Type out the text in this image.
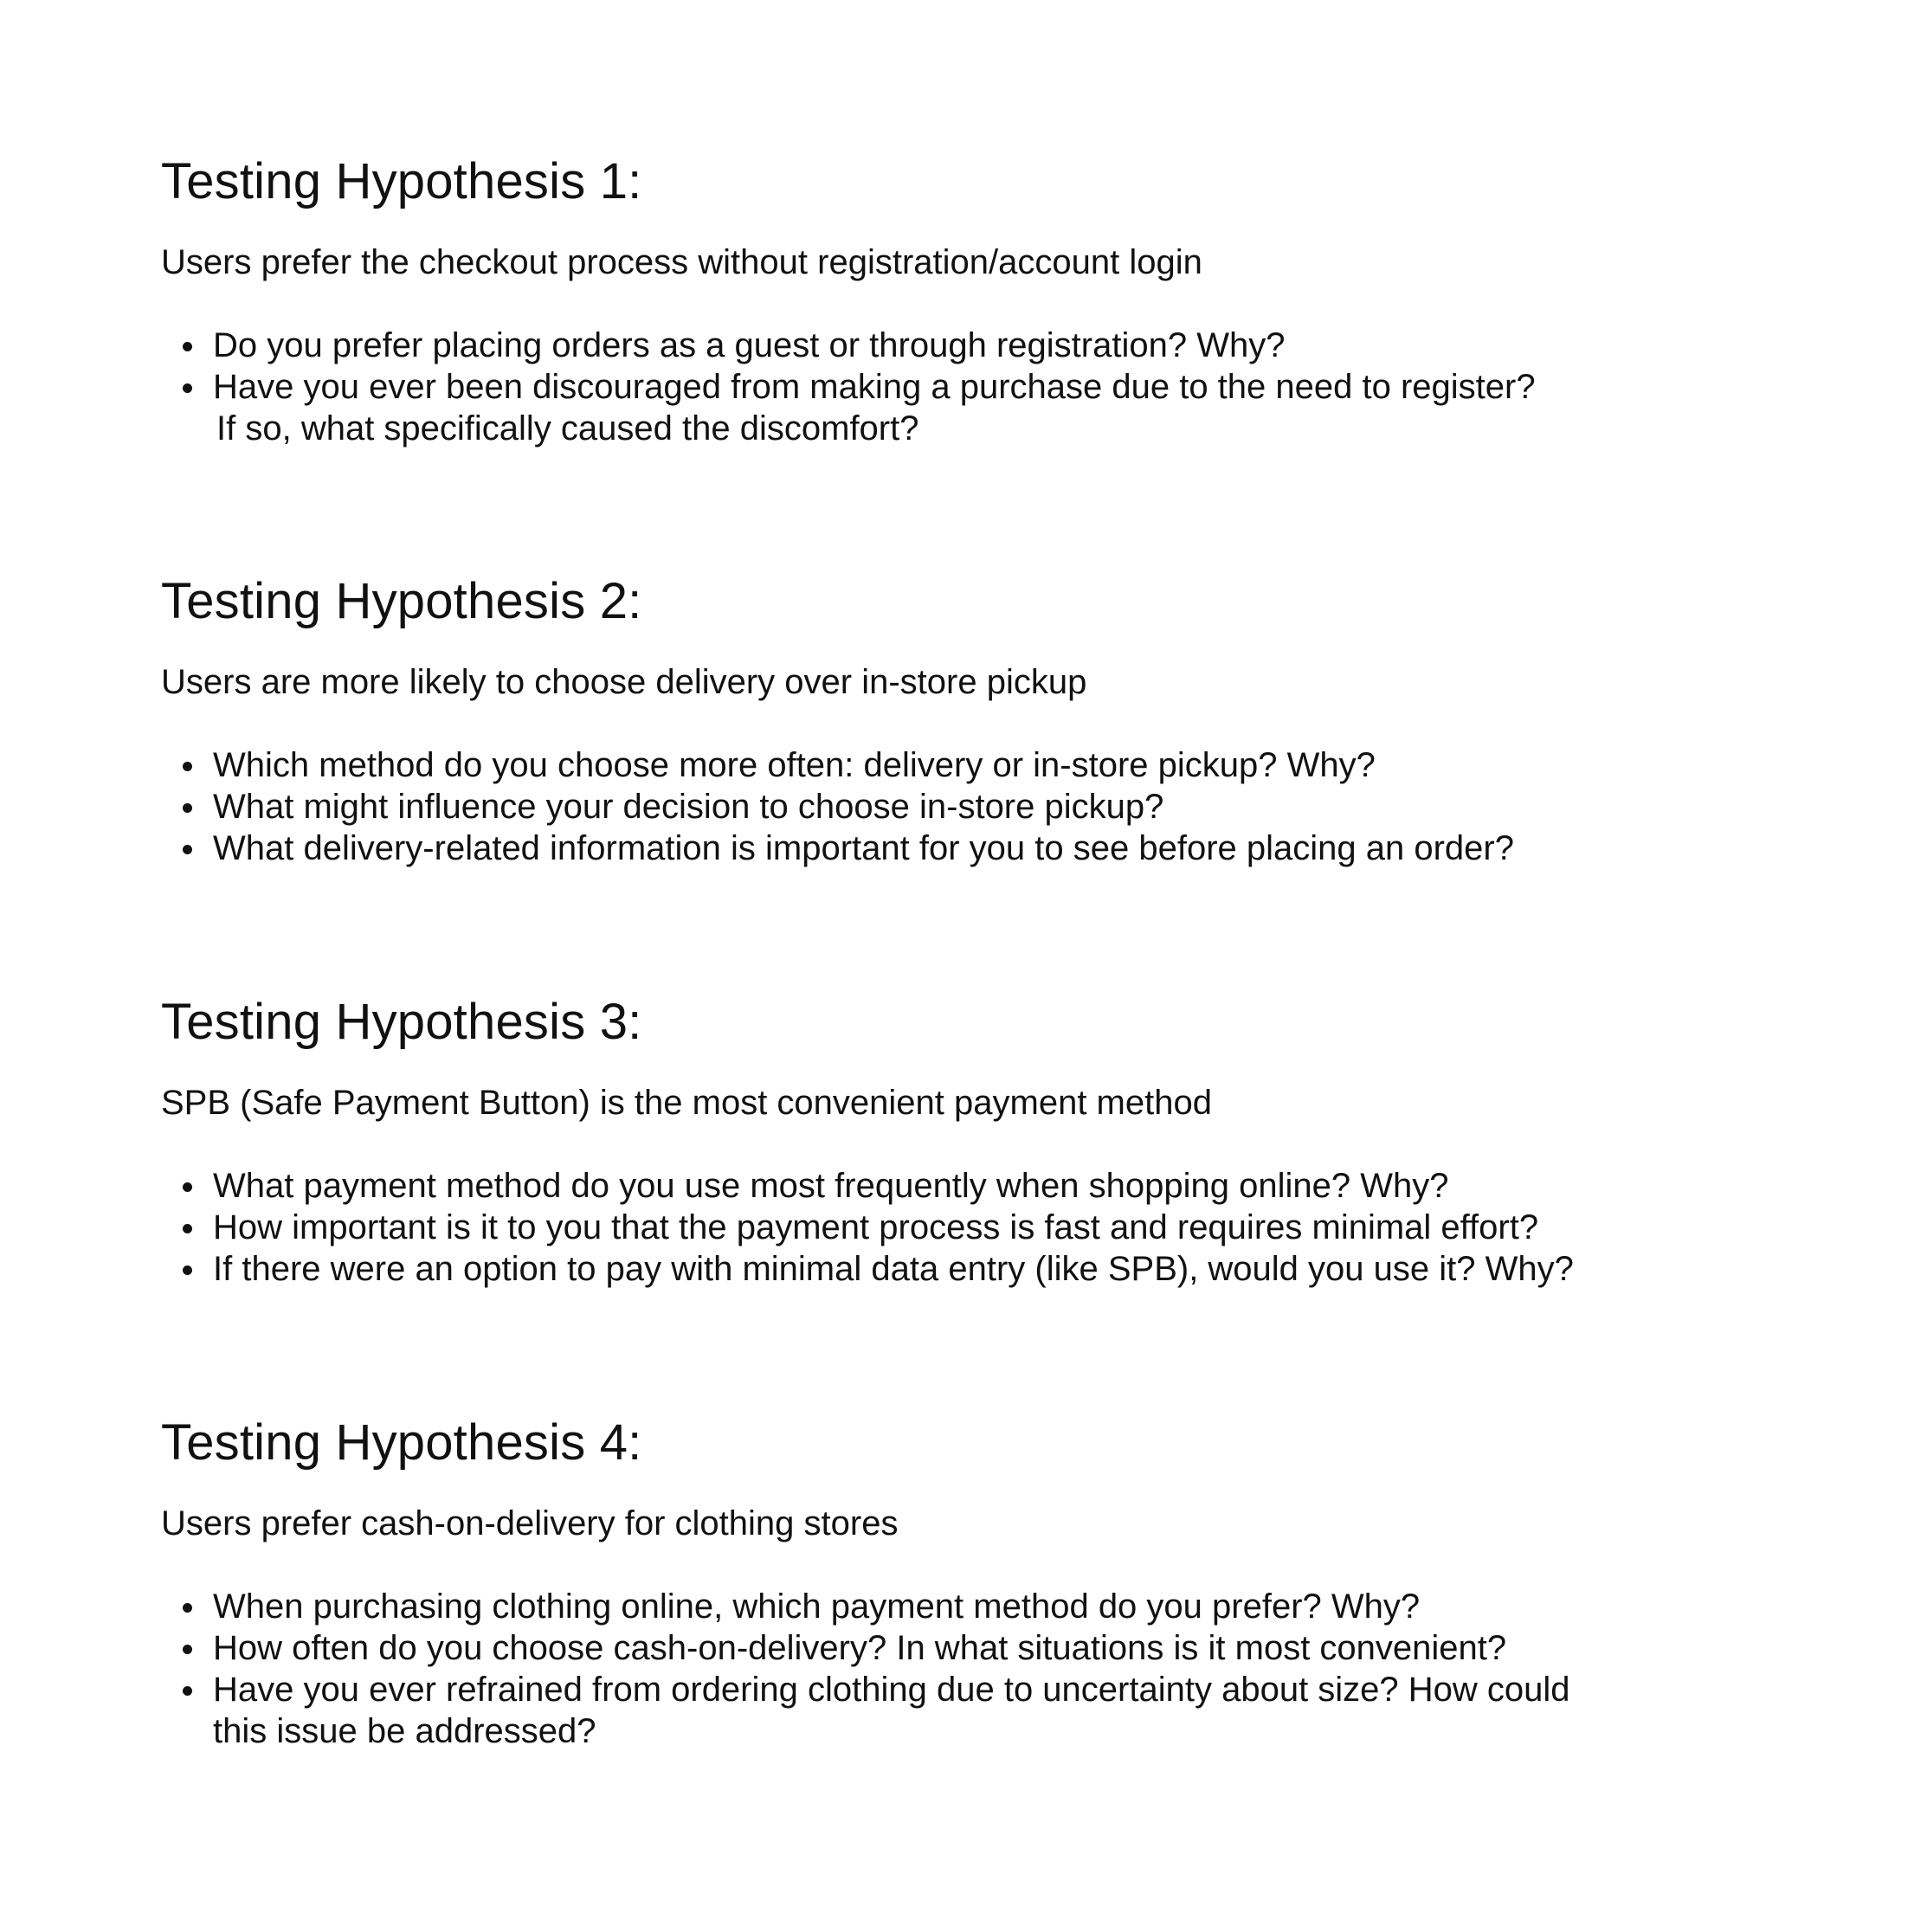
Testing Hypothesis 1:

Users prefer the checkout process without registration/account login

Do you prefer placing orders as a guest or through registration? Why?
Have you ever been discouraged from making a purchase due to the need to register?
If so, what specifically caused the discomfort?
Testing Hypothesis 2:

Users are more likely to choose delivery over in-store pickup

Which method do you choose more often: delivery or in-store pickup? Why?
What might influence your decision to choose in-store pickup?
What delivery-related information is important for you to see before placing an order?
Testing Hypothesis 3:

SPB (Safe Payment Button) is the most convenient payment method

What payment method do you use most frequently when shopping online? Why?
How important is it to you that the payment process is fast and requires minimal effort?
If there were an option to pay with minimal data entry (like SPB), would you use it? Why?
Testing Hypothesis 4:

Users prefer cash-on-delivery for clothing stores

When purchasing clothing online, which payment method do you prefer? Why?
How often do you choose cash-on-delivery? In what situations is it most convenient?
Have you ever refrained from ordering clothing due to uncertainty about size? How could
this issue be addressed?
